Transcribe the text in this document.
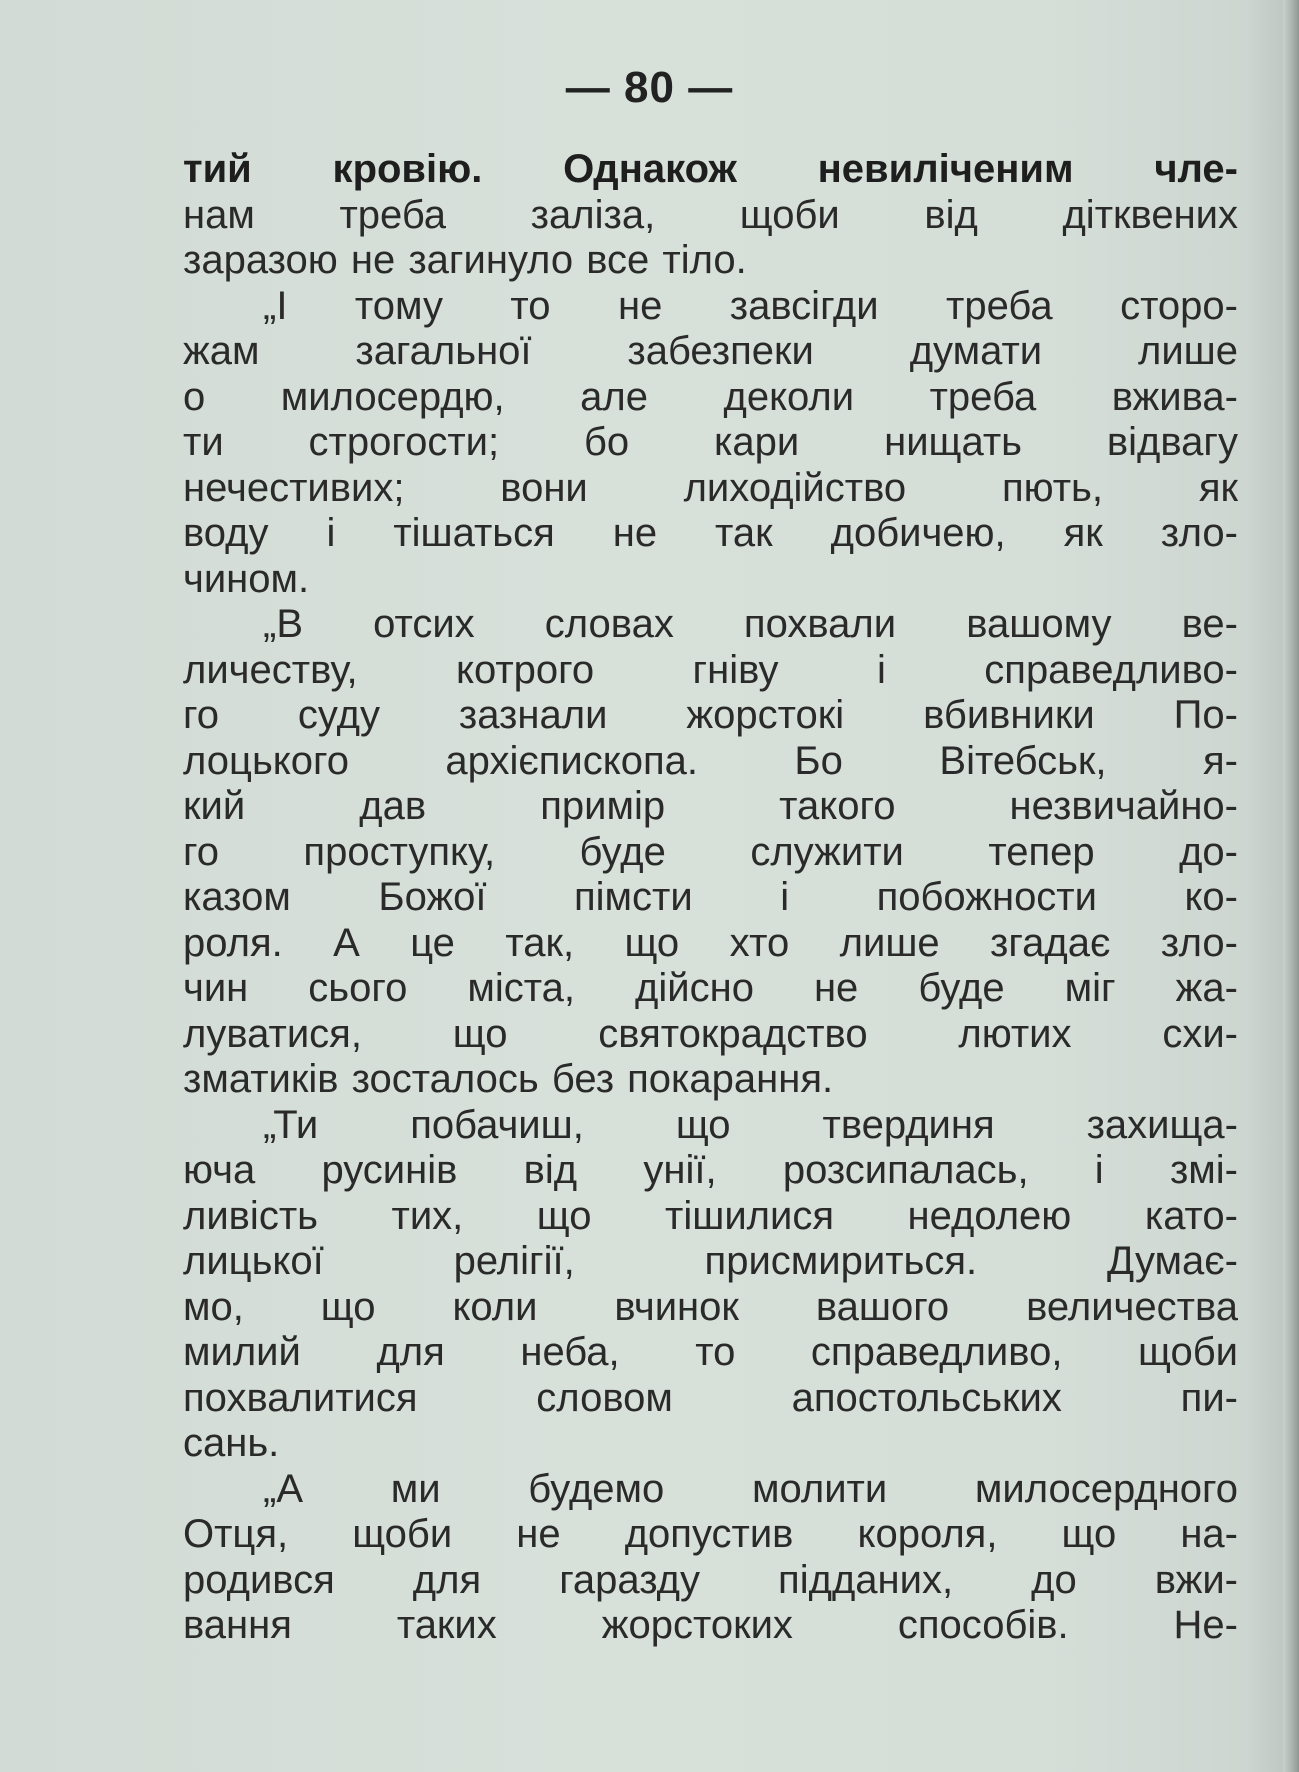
— 80 —
тий кровію. Однакож невиліченим чле-
нам треба заліза, щоби від дітквених
заразою не загинуло все тіло.
„І тому то не завсігди треба сторо-
жам загальної забезпеки думати лише
о милосердю, але деколи треба вжива-
ти строгости; бо кари нищать відвагу
нечестивих; вони лиходійство пють, як
воду і тішаться не так добичею, як зло-
чином.
„В отсих словах похвали вашому ве-
личеству, котрого гніву і справедливо-
го суду зазнали жорстокі вбивники По-
лоцького архієпископа. Бо Вітебськ, я-
кий дав примір такого незвичайно-
го проступку, буде служити тепер до-
казом Божої пімсти і побожности ко-
роля. А це так, що хто лише згадає зло-
чин сього міста, дійсно не буде міг жа-
луватися, що святокрадство лютих схи-
зматиків зосталось без покарання.
„Ти побачиш, що твердиня захища-
юча русинів від унії, розсипалась, і змі-
ливість тих, що тішилися недолею като-
лицької релігії, присмириться. Думає-
мо, що коли вчинок вашого величества
милий для неба, то справедливо, щоби
похвалитися словом апостольських пи-
сань.
„А ми будемо молити милосердного
Отця, щоби не допустив короля, що на-
родився для гаразду підданих, до вжи-
вання таких жорстоких способів. Не-
